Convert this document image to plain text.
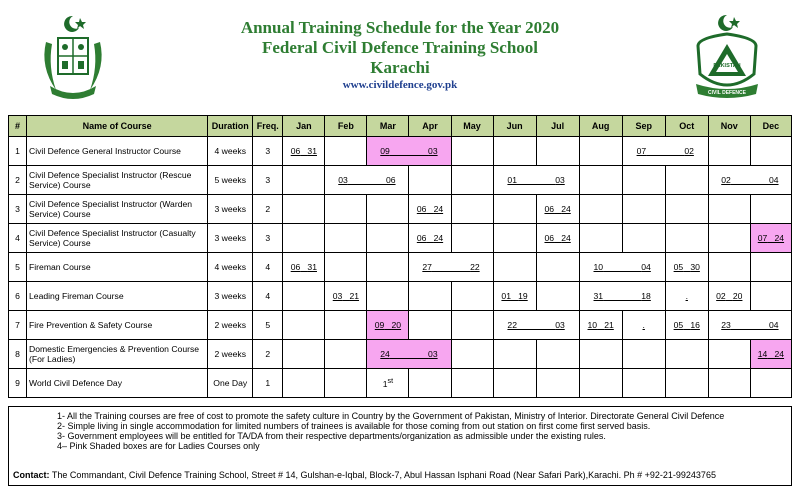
Annual Training Schedule for the Year 2020
Federal Civil Defence Training School
Karachi
www.civildefence.gov.pk
PAKISTAN
CIVIL DEFENCE
#	Name of Course	Duration	Freq.	Jan	Feb	Mar	Apr	May	Jun	Jul	Aug	Sep	Oct	Nov	Dec
1	Civil Defence General Instructor Course	4 weeks	3	06 31		09 03						07 02			
2	Civil Defence Specialist Instructor (Rescue Service) Course	5 weeks	3		03 06				01 03					02 04	
3	Civil Defence Specialist Instructor (Warden Service) Course	3 weeks	2				06 24			06 24					
4	Civil Defence Specialist Instructor (Casualty Service) Course	3 weeks	3				06 24			06 24					07 24
5	Fireman Course	4 weeks	4	06 31			27 22				10 04		05 30		
6	Leading Fireman Course	3 weeks	4		03 21				01 19		31 18		.	02 20	
7	Fire Prevention & Safety Course	2 weeks	5			09 20			22 03		10 21	.	05 16	23 04	
8	Domestic Emergencies & Prevention Course (For Ladies)	2 weeks	2			24 03									14 24
9	World Civil Defence Day	One Day	1			1st									
1- All the Training courses are free of cost to promote the safety culture in Country by the Government of Pakistan, Ministry of Interior. Directorate General Civil Defence
2- Simple living in single accommodation for limited numbers of trainees is available for those coming from out station on first come first served basis.
3- Government employees will be entitled for TA/DA from their respective departments/organization as admissible under the existing rules.
4– Pink Shaded boxes are for Ladies Courses only
Contact: The Commandant, Civil Defence Training School, Street # 14, Gulshan-e-Iqbal, Block-7, Abul Hassan Isphani Road (Near Safari Park),Karachi. Ph # +92-21-99243765
